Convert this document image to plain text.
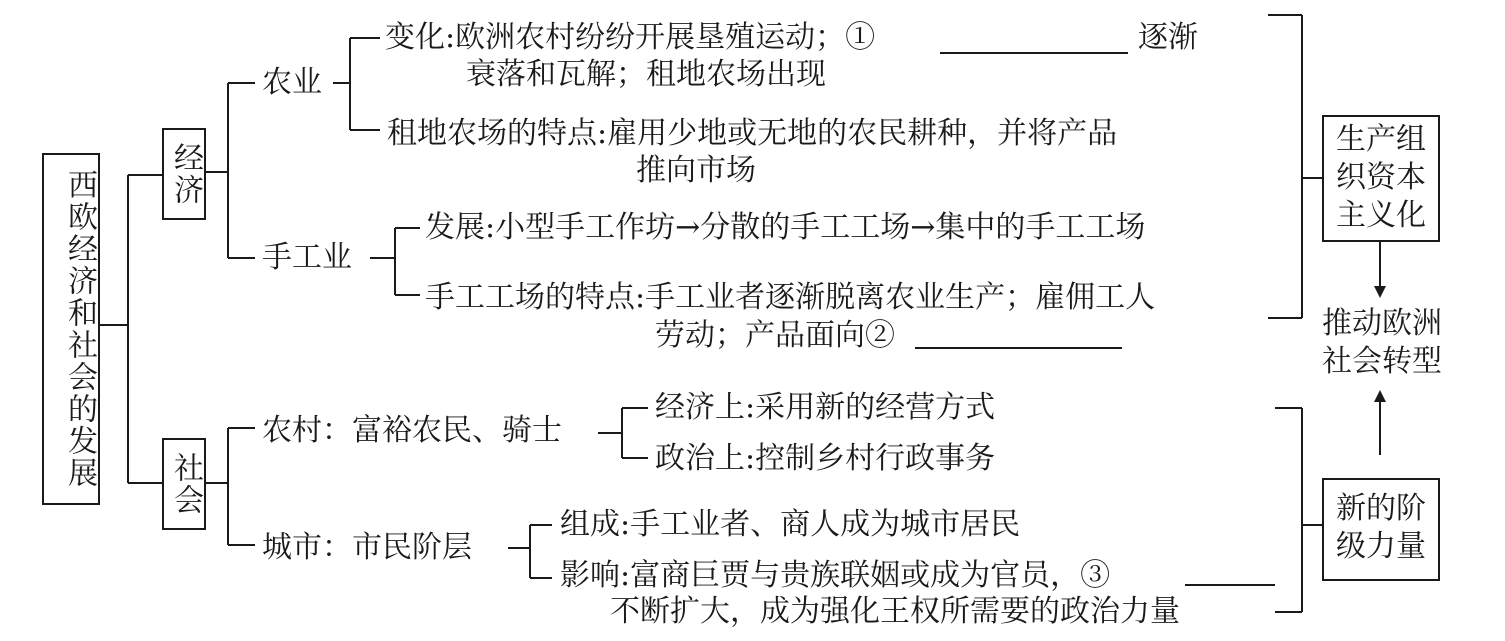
西欧经济和社会的发展 经济
社会
农业
变化:欧洲农村纷纷开展垦殖运动；①	逐渐
衰落和瓦解；租地农场出现
租地农场的特点:雇用少地或无地的农民耕种，并将产品
推向市场
手工业
发展:小型手工作坊→分散的手工工场→集中的手工工场
手工工场的特点:手工业者逐渐脱离农业生产；雇佣工人
劳动；产品面向②
农村：富裕农民、骑士
经济上:采用新的经营方式
政治上:控制乡村行政事务
城市：市民阶层
组成:手工业者、商人成为城市居民
影响:富商巨贾与贵族联姻或成为官员，③
不断扩大，成为强化王权所需要的政治力量
生产组
织资本
主义化
推动欧洲
社会转型
新的阶
级力量
